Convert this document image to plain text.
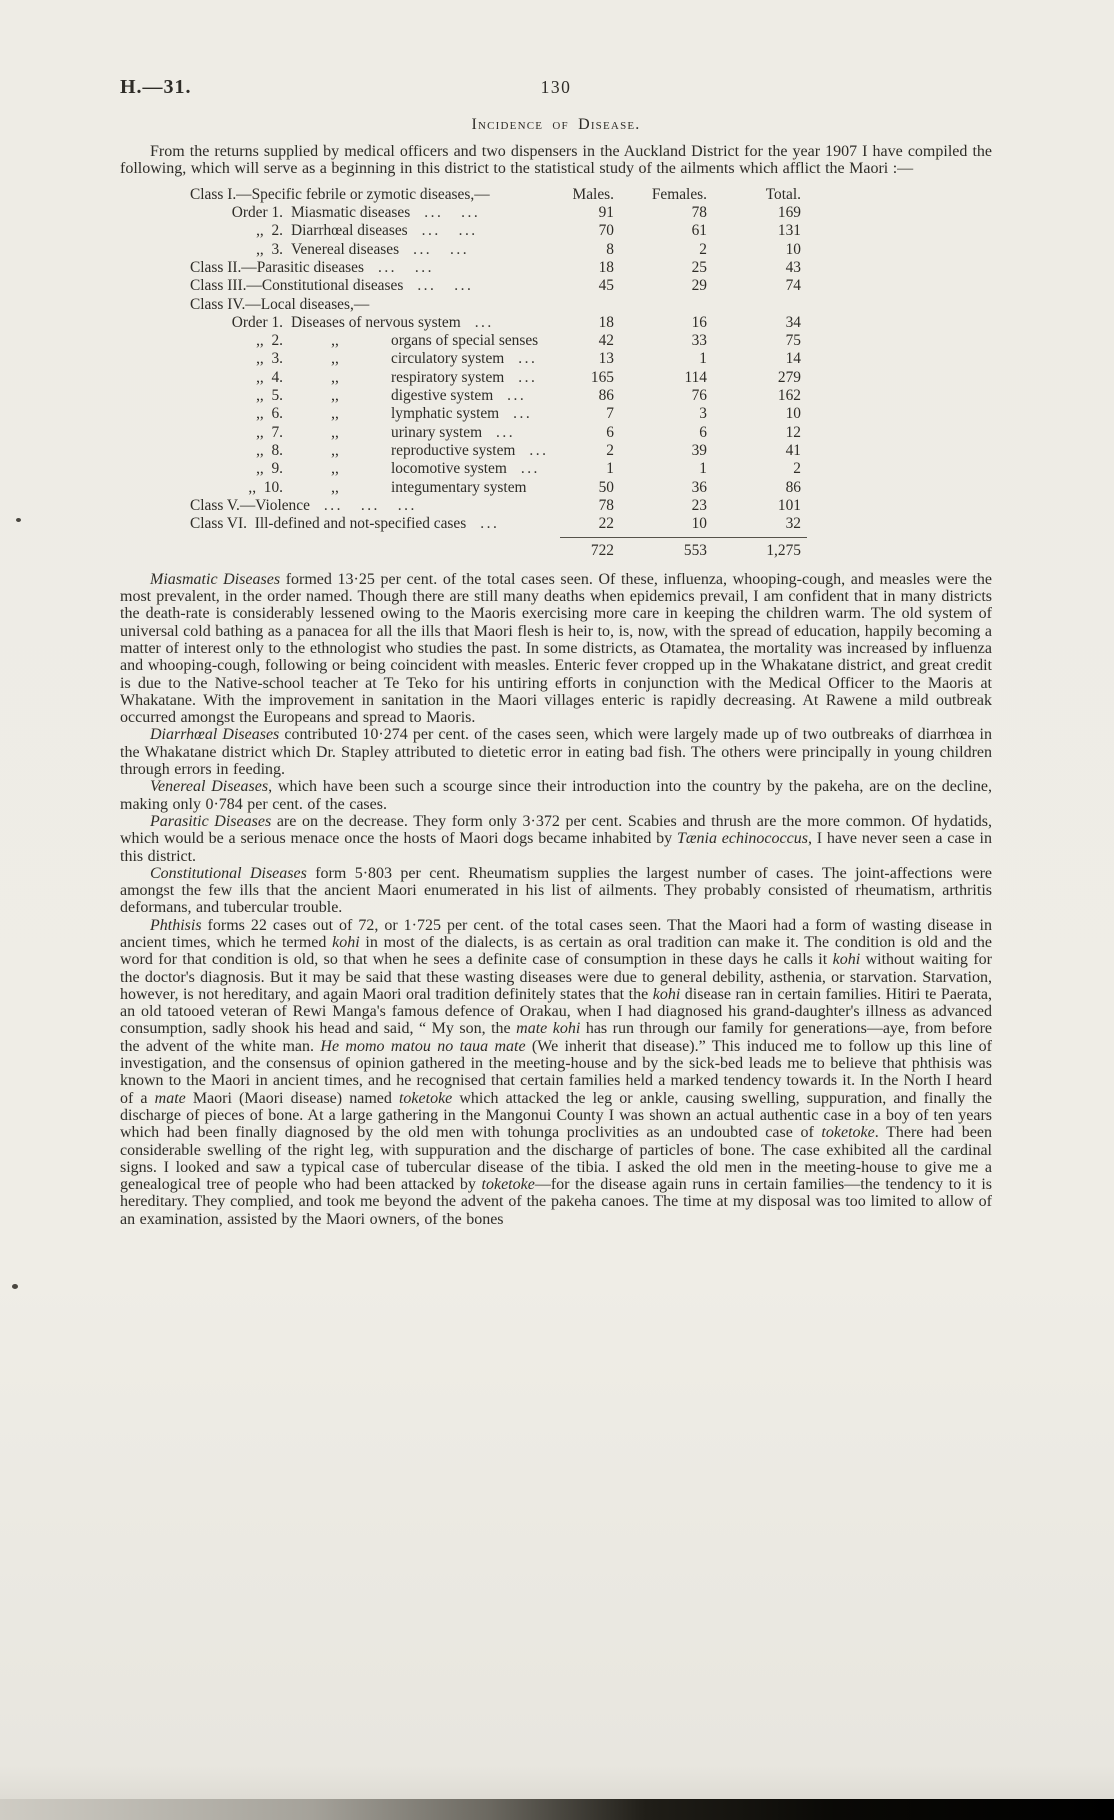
H.—31.	130
Incidence of Disease.

From the returns supplied by medical officers and two dispensers in the Auckland District for the year 1907 I have compiled the following, which will serve as a beginning in this district to the statistical study of the ailments which afflict the Maori :—

Class I.—Specific febrile or zymotic diseases,—	Males.	Females.	Total.
Order 1. Miasmatic diseases ... ...	91	78	169
,, 2. Diarrhœal diseases ... ...	70	61	131
,, 3. Venereal diseases ... ...	8	2	10
Class II.—Parasitic diseases ... ...	18	25	43
Class III.—Constitutional diseases ... ...	45	29	74
Class IV.—Local diseases,—
Order 1. Diseases of nervous system ...	18	16	34
,, 2.	,,	organs of special senses	42	33	75
,, 3.	,,	circulatory system ...	13	1	14
,, 4.	,,	respiratory system ...	165	114	279
,, 5.	,,	digestive system ...	86	76	162
,, 6.	,,	lymphatic system ...	7	3	10
,, 7.	,,	urinary system ...	6	6	12
,, 8.	,,	reproductive system ...	2	39	41
,, 9.	,,	locomotive system ...	1	1	2
,, 10.	,,	integumentary system	50	36	86
Class V.—Violence ... ... ...	78	23	101
Class VI. Ill-defined and not-specified cases ...	22	10	32
722	553	1,275

Miasmatic Diseases formed 13·25 per cent. of the total cases seen. Of these, influenza, whooping-cough, and measles were the most prevalent, in the order named. Though there are still many deaths when epidemics prevail, I am confident that in many districts the death-rate is considerably lessened owing to the Maoris exercising more care in keeping the children warm. The old system of universal cold bathing as a panacea for all the ills that Maori flesh is heir to, is, now, with the spread of education, happily becoming a matter of interest only to the ethnologist who studies the past. In some districts, as Otamatea, the mortality was increased by influenza and whooping-cough, following or being coincident with measles. Enteric fever cropped up in the Whakatane district, and great credit is due to the Native-school teacher at Te Teko for his untiring efforts in conjunction with the Medical Officer to the Maoris at Whakatane. With the improvement in sanitation in the Maori villages enteric is rapidly decreasing. At Rawene a mild outbreak occurred amongst the Europeans and spread to Maoris.

Diarrhœal Diseases contributed 10·274 per cent. of the cases seen, which were largely made up of two outbreaks of diarrhœa in the Whakatane district which Dr. Stapley attributed to dietetic error in eating bad fish. The others were principally in young children through errors in feeding.

Venereal Diseases, which have been such a scourge since their introduction into the country by the pakeha, are on the decline, making only 0·784 per cent. of the cases.

Parasitic Diseases are on the decrease. They form only 3·372 per cent. Scabies and thrush are the more common. Of hydatids, which would be a serious menace once the hosts of Maori dogs became inhabited by Tænia echinococcus, I have never seen a case in this district.

Constitutional Diseases form 5·803 per cent. Rheumatism supplies the largest number of cases. The joint-affections were amongst the few ills that the ancient Maori enumerated in his list of ailments. They probably consisted of rheumatism, arthritis deformans, and tubercular trouble.

Phthisis forms 22 cases out of 72, or 1·725 per cent. of the total cases seen. That the Maori had a form of wasting disease in ancient times, which he termed kohi in most of the dialects, is as certain as oral tradition can make it. The condition is old and the word for that condition is old, so that when he sees a definite case of consumption in these days he calls it kohi without waiting for the doctor's diagnosis. But it may be said that these wasting diseases were due to general debility, asthenia, or starvation. Starvation, however, is not hereditary, and again Maori oral tradition definitely states that the kohi disease ran in certain families. Hitiri te Paerata, an old tatooed veteran of Rewi Manga's famous defence of Orakau, when I had diagnosed his grand-daughter's illness as advanced consumption, sadly shook his head and said, “ My son, the mate kohi has run through our family for generations—aye, from before the advent of the white man. He momo matou no taua mate (We inherit that disease).” This induced me to follow up this line of investigation, and the consensus of opinion gathered in the meeting-house and by the sick-bed leads me to believe that phthisis was known to the Maori in ancient times, and he recognised that certain families held a marked tendency towards it. In the North I heard of a mate Maori (Maori disease) named toketoke which attacked the leg or ankle, causing swelling, suppuration, and finally the discharge of pieces of bone. At a large gathering in the Mangonui County I was shown an actual authentic case in a boy of ten years which had been finally diagnosed by the old men with tohunga proclivities as an undoubted case of toketoke. There had been considerable swelling of the right leg, with suppuration and the discharge of particles of bone. The case exhibited all the cardinal signs. I looked and saw a typical case of tubercular disease of the tibia. I asked the old men in the meeting-house to give me a genealogical tree of people who had been attacked by toketoke—for the disease again runs in certain families—the tendency to it is hereditary. They complied, and took me beyond the advent of the pakeha canoes. The time at my disposal was too limited to allow of an examination, assisted by the Maori owners, of the bones
